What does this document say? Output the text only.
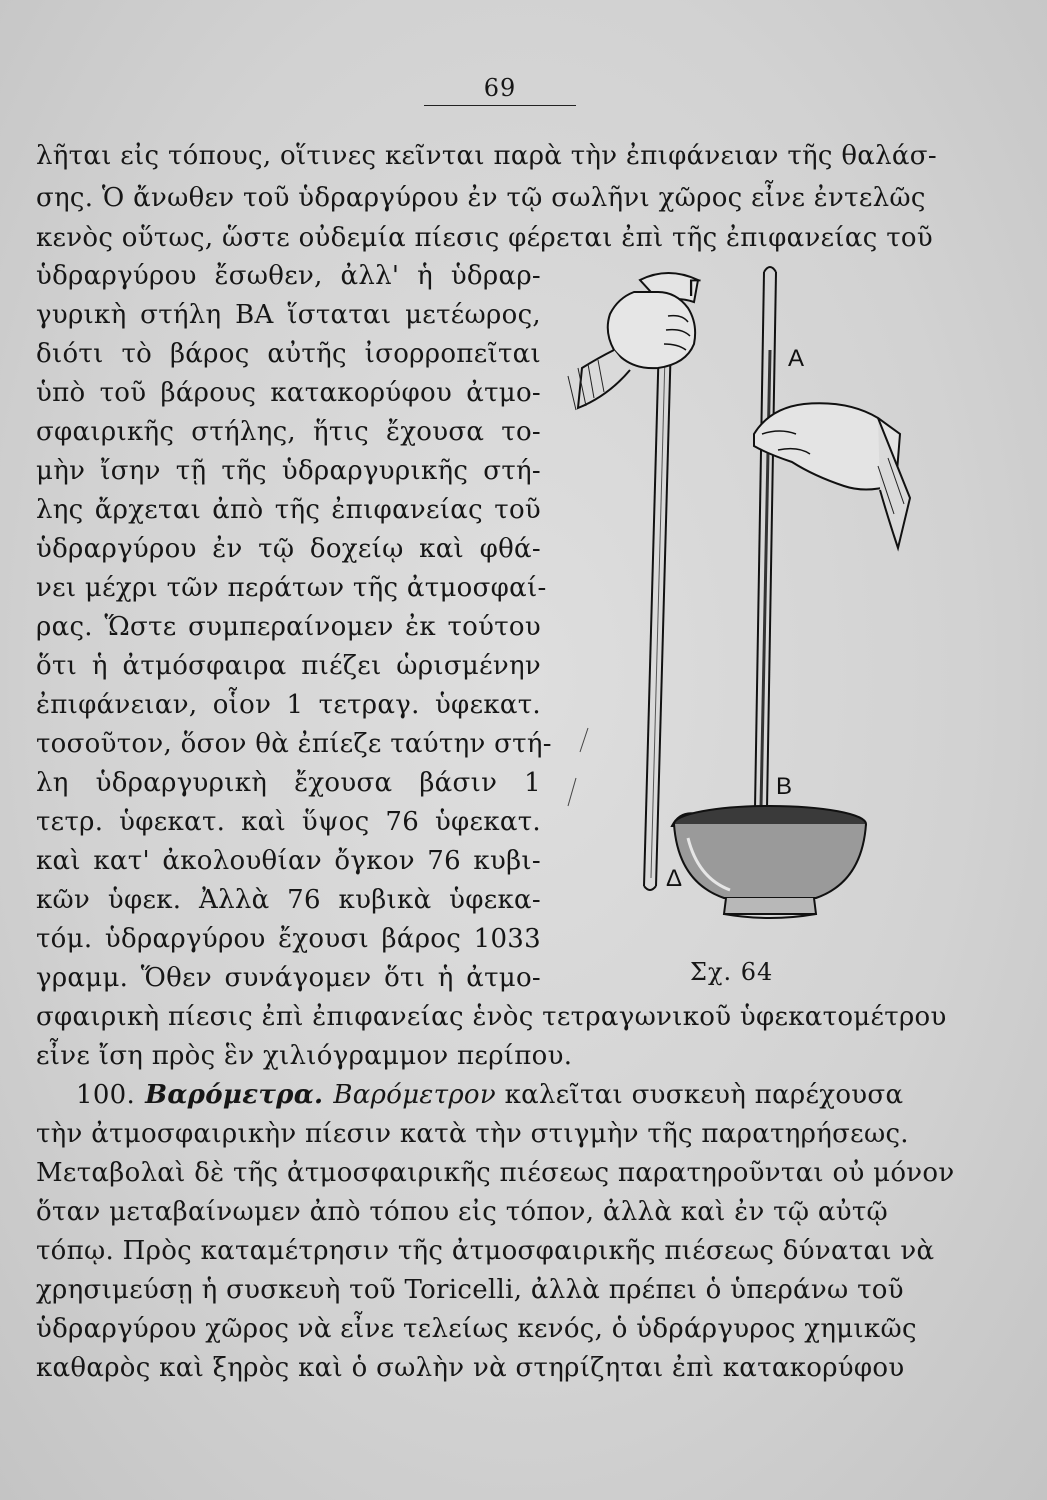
69
λῆται εἰς τόπους, οἵτινες κεῖνται παρὰ τὴν ἐπιφάνειαν τῆς θαλάσ-
σης. Ὁ ἄνωθεν τοῦ ὑδραργύρου ἐν τῷ σωλῆνι χῶρος εἶνε ἐντελῶς
κενὸς οὕτως, ὥστε οὐδεμία πίεσις φέρεται ἐπὶ τῆς ἐπιφανείας τοῦ
ὑδραργύρου ἔσωθεν, ἀλλ' ἡ ὑδραρ-
γυρικὴ στήλη ΒΑ ἵσταται μετέωρος,
διότι τὸ βάρος αὐτῆς ἰσορροπεῖται
ὑπὸ τοῦ βάρους κατακορύφου ἀτμο-
σφαιρικῆς στήλης, ἥτις ἔχουσα το-
μὴν ἴσην τῇ τῆς ὑδραργυρικῆς στή-
λης ἄρχεται ἀπὸ τῆς ἐπιφανείας τοῦ
ὑδραργύρου ἐν τῷ δοχείῳ καὶ φθά-
νει μέχρι τῶν περάτων τῆς ἀτμοσφαί-
ρας. Ὥστε συμπεραίνομεν ἐκ τούτου
ὅτι ἡ ἀτμόσφαιρα πιέζει ὡρισμένην
ἐπιφάνειαν, οἷον 1 τετραγ. ὑφεκατ.
τοσοῦτον, ὅσον θὰ ἐπίεζε ταύτην στή-
λη ὑδραργυρικὴ ἔχουσα βάσιν 1
τετρ. ὑφεκατ. καὶ ὕψος 76 ὑφεκατ.
καὶ κατ' ἀκολουθίαν ὄγκον 76 κυβι-
κῶν ὑφεκ. Ἀλλὰ 76 κυβικὰ ὑφεκα-
τόμ. ὑδραργύρου ἔχουσι βάρος 1033
γραμμ. Ὅθεν συνάγομεν ὅτι ἡ ἀτμο-
σφαιρικὴ πίεσις ἐπὶ ἐπιφανείας ἑνὸς τετραγωνικοῦ ὑφεκατομέτρου
εἶνε ἴση πρὸς ἓν χιλιόγραμμον περίπου.
100. Βαρόμετρα. Βαρόμετρον καλεῖται συσκευὴ παρέχουσα
τὴν ἀτμοσφαιρικὴν πίεσιν κατὰ τὴν στιγμὴν τῆς παρατηρήσεως.
Μεταβολαὶ δὲ τῆς ἀτμοσφαιρικῆς πιέσεως παρατηροῦνται οὐ μόνον
ὅταν μεταβαίνωμεν ἀπὸ τόπου εἰς τόπον, ἀλλὰ καὶ ἐν τῷ αὐτῷ
τόπῳ. Πρὸς καταμέτρησιν τῆς ἀτμοσφαιρικῆς πιέσεως δύναται νὰ
χρησιμεύσῃ ἡ συσκευὴ τοῦ Toricelli, ἀλλὰ πρέπει ὁ ὑπεράνω τοῦ
ὑδραργύρου χῶρος νὰ εἶνε τελείως κενός, ὁ ὑδράργυρος χημικῶς
καθαρὸς καὶ ξηρὸς καὶ ὁ σωλὴν νὰ στηρίζηται ἐπὶ κατακορύφου
Γ
Α
Β
Δ
Σχ. 64
